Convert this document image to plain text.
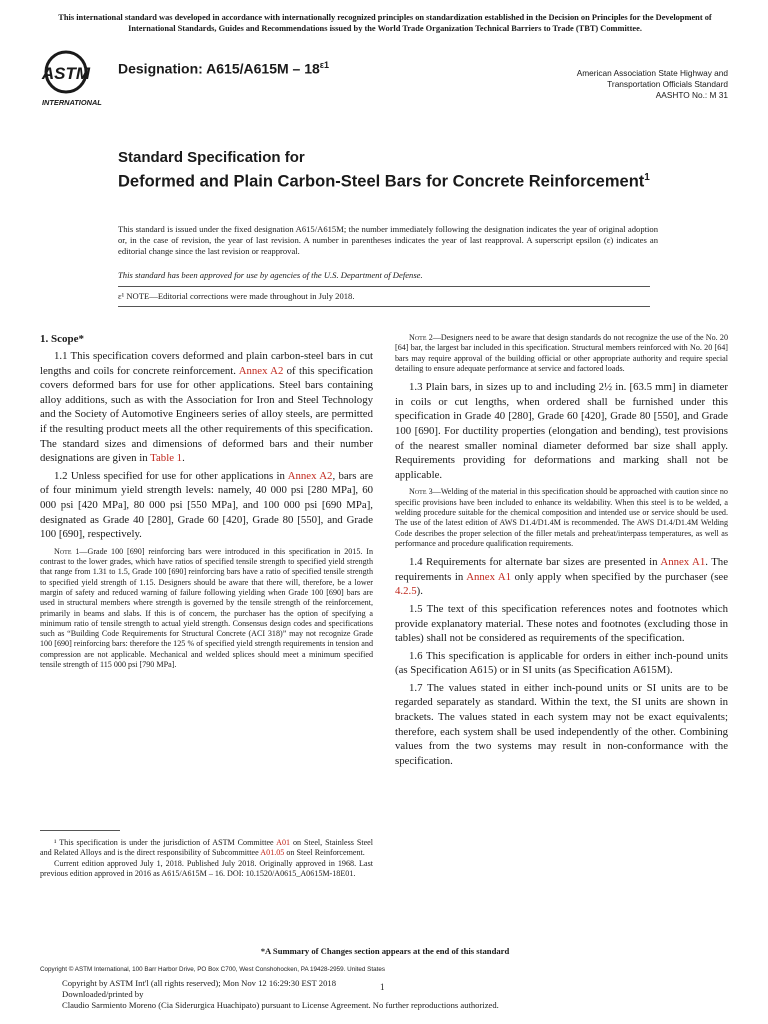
This international standard was developed in accordance with internationally recognized principles on standardization established in the Decision on Principles for the Development of International Standards, Guides and Recommendations issued by the World Trade Organization Technical Barriers to Trade (TBT) Committee.
ASTM
INTERNATIONAL
Designation: $A615/A615M - 18^{\varepsilon 1}$
American Association State Highway and
Transportation Officials Standard
AASHTO No.: M 31
Standard Specification for
Deformed and Plain Carbon-Steel Bars for Concrete Reinforcement$^1$
This standard is issued under the fixed designation A615/A615M; the number immediately following the designation indicates the year of original adoption or, in the case of revision, the year of last revision. A number in parentheses indicates the year of last reapproval. A superscript epsilon (ε) indicates an editorial change since the last revision or reapproval.
This standard has been approved for use by agencies of the U.S. Department of Defense.
ε¹ NOTE—Editorial corrections were made throughout in July 2018.
1. Scope*

1.1 This specification covers deformed and plain carbon-steel bars in cut lengths and coils for concrete reinforcement. Annex A2 of this specification covers deformed bars for use for other applications. Steel bars containing alloy additions, such as with the Association for Iron and Steel Technology and the Society of Automotive Engineers series of alloy steels, are permitted if the resulting product meets all the other requirements of this specification. The standard sizes and dimensions of deformed bars and their number designations are given in Table 1.

1.2 Unless specified for use for other applications in Annex A2, bars are of four minimum yield strength levels: namely, 40 000 psi [280 MPa], 60 000 psi [420 MPa], 80 000 psi [550 MPa], and 100 000 psi [690 MPa], designated as Grade 40 [280], Grade 60 [420], Grade 80 [550], and Grade 100 [690], respectively.

Note 1—Grade 100 [690] reinforcing bars were introduced in this specification in 2015. In contrast to the lower grades, which have ratios of specified tensile strength to specified yield strength that range from 1.31 to 1.5, Grade 100 [690] reinforcing bars have a ratio of specified tensile strength to specified yield strength of 1.15. Designers should be aware that there will, therefore, be a lower margin of safety and reduced warning of failure following yielding when Grade 100 [690] bars are used in structural members where strength is governed by the tensile strength of the reinforcement, primarily in beams and slabs. If this is of concern, the purchaser has the option of specifying a minimum ratio of tensile strength to actual yield strength. Consensus design codes and specifications such as “Building Code Requirements for Structural Concrete (ACI 318)” may not recognize Grade 100 [690] reinforcing bars: therefore the 125 % of specified yield strength requirements in tension and compression are not applicable. Mechanical and welded splices should meet a minimum specified tensile strength of 115 000 psi [790 MPa].

Note 2—Designers need to be aware that design standards do not recognize the use of the No. 20 [64] bar, the largest bar included in this specification. Structural members reinforced with No. 20 [64] bars may require approval of the building official or other appropriate authority and require special detailing to ensure adequate performance at service and factored loads.

1.3 Plain bars, in sizes up to and including 2½ in. [63.5 mm] in diameter in coils or cut lengths, when ordered shall be furnished under this specification in Grade 40 [280], Grade 60 [420], Grade 80 [550], and Grade 100 [690]. For ductility properties (elongation and bending), test provisions of the nearest smaller nominal diameter deformed bar size shall apply. Requirements providing for deformations and marking shall not be applicable.

Note 3—Welding of the material in this specification should be approached with caution since no specific provisions have been included to enhance its weldability. When this steel is to be welded, a welding procedure suitable for the chemical composition and intended use or service should be used. The use of the latest edition of AWS D1.4/D1.4M is recommended. The AWS D1.4/D1.4M Welding Code describes the proper selection of the filler metals and preheat/interpass temperatures, as well as performance and procedure qualification requirements.

1.4 Requirements for alternate bar sizes are presented in Annex A1. The requirements in Annex A1 only apply when specified by the purchaser (see 4.2.5).

1.5 The text of this specification references notes and footnotes which provide explanatory material. These notes and footnotes (excluding those in tables) shall not be considered as requirements of the specification.

1.6 This specification is applicable for orders in either inch-pound units (as Specification A615) or in SI units (as Specification A615M).

1.7 The values stated in either inch-pound units or SI units are to be regarded separately as standard. Within the text, the SI units are shown in brackets. The values stated in each system may not be exact equivalents; therefore, each system shall be used independently of the other. Combining values from the two systems may result in non-conformance with the specification.

¹ This specification is under the jurisdiction of ASTM Committee A01 on Steel, Stainless Steel and Related Alloys and is the direct responsibility of Subcommittee A01.05 on Steel Reinforcement.

Current edition approved July 1, 2018. Published July 2018. Originally approved in 1968. Last previous edition approved in 2016 as A615/A615M – 16. DOI: 10.1520/A0615_A0615M-18E01.

*A Summary of Changes section appears at the end of this standard
Copyright © ASTM International, 100 Barr Harbor Drive, PO Box C700, West Conshohocken, PA 19428-2959. United States
Copyright by ASTM Int'l (all rights reserved); Mon Nov 12 16:29:30 EST 2018
Downloaded/printed by
Claudio Sarmiento Moreno (Cia Siderurgica Huachipato) pursuant to License Agreement. No further reproductions authorized.
1
